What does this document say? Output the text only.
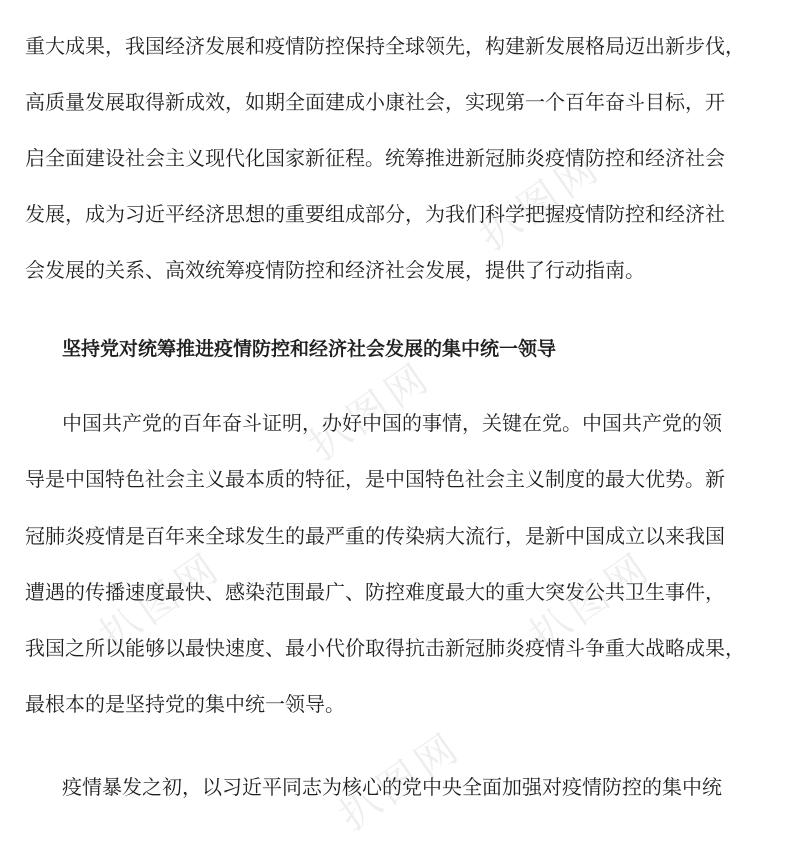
扒图网
扒图网
扒图网	扒图网
扒图网
重大成果，我国经济发展和疫情防控保持全球领先，构建新发展格局迈出新步伐，
高质量发展取得新成效，如期全面建成小康社会，实现第一个百年奋斗目标，开
启全面建设社会主义现代化国家新征程。统筹推进新冠肺炎疫情防控和经济社会
发展，成为习近平经济思想的重要组成部分，为我们科学把握疫情防控和经济社
会发展的关系、高效统筹疫情防控和经济社会发展，提供了行动指南。
坚持党对统筹推进疫情防控和经济社会发展的集中统一领导
中国共产党的百年奋斗证明，办好中国的事情，关键在党。中国共产党的领
导是中国特色社会主义最本质的特征，是中国特色社会主义制度的最大优势。新
冠肺炎疫情是百年来全球发生的最严重的传染病大流行，是新中国成立以来我国
遭遇的传播速度最快、感染范围最广、防控难度最大的重大突发公共卫生事件，
我国之所以能够以最快速度、最小代价取得抗击新冠肺炎疫情斗争重大战略成果，
最根本的是坚持党的集中统一领导。
疫情暴发之初，以习近平同志为核心的党中央全面加强对疫情防控的集中统
